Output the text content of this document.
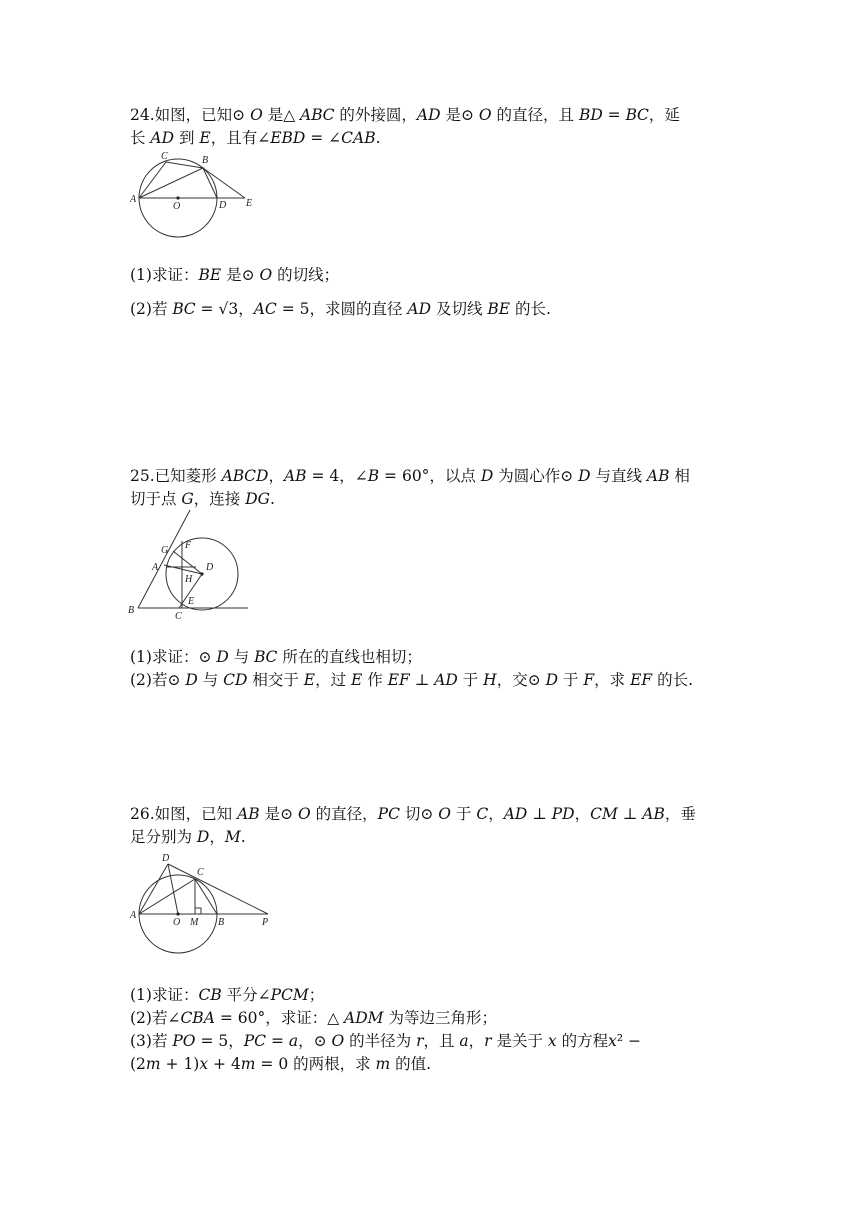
24.如图，已知⊙ 𝑂 是△ 𝐴𝐵𝐶 的外接圆，𝐴𝐷 是⊙ 𝑂 的直径，且 𝐵𝐷 = 𝐵𝐶，延
长 𝐴𝐷 到 𝐸，且有∠𝐸𝐵𝐷 = ∠𝐶𝐴𝐵.
A
C	B
O	D E
(1)求证：𝐵𝐸 是⊙ 𝑂 的切线；
(2)若 𝐵𝐶 = √3，𝐴𝐶 = 5，求圆的直径 𝐴𝐷 及切线 𝐵𝐸 的长.
25.已知菱形 𝐴𝐵𝐶𝐷，𝐴𝐵 = 4，∠𝐵 = 60°，以点 𝐷 为圆心作⊙ 𝐷 与直线 𝐴𝐵 相
切于点 𝐺，连接 𝐷𝐺.
G F
A	D
H
E
B
C
(1)求证：⊙ 𝐷 与 𝐵𝐶 所在的直线也相切；
(2)若⊙ 𝐷 与 𝐶𝐷 相交于 𝐸，过 𝐸 作 𝐸𝐹 ⊥ 𝐴𝐷 于 𝐻，交⊙ 𝐷 于 𝐹，求 𝐸𝐹 的长.
26.如图，已知 𝐴𝐵 是⊙ 𝑂 的直径，𝑃𝐶 切⊙ 𝑂 于 𝐶，𝐴𝐷 ⊥ 𝑃𝐷，𝐶𝑀 ⊥ 𝐴𝐵，垂
足分别为 𝐷，𝑀.
D
C
A
O M B	P
(1)求证：𝐶𝐵 平分∠𝑃𝐶𝑀；
(2)若∠𝐶𝐵𝐴 = 60°，求证：△ 𝐴𝐷𝑀 为等边三角形；
(3)若 𝑃𝑂 = 5，𝑃𝐶 = 𝑎，⊙ 𝑂 的半径为 𝑟，且 𝑎，𝑟 是关于 𝑥 的方程𝑥² −
(2𝑚 + 1)𝑥 + 4𝑚 = 0 的两根，求 𝑚 的值.
